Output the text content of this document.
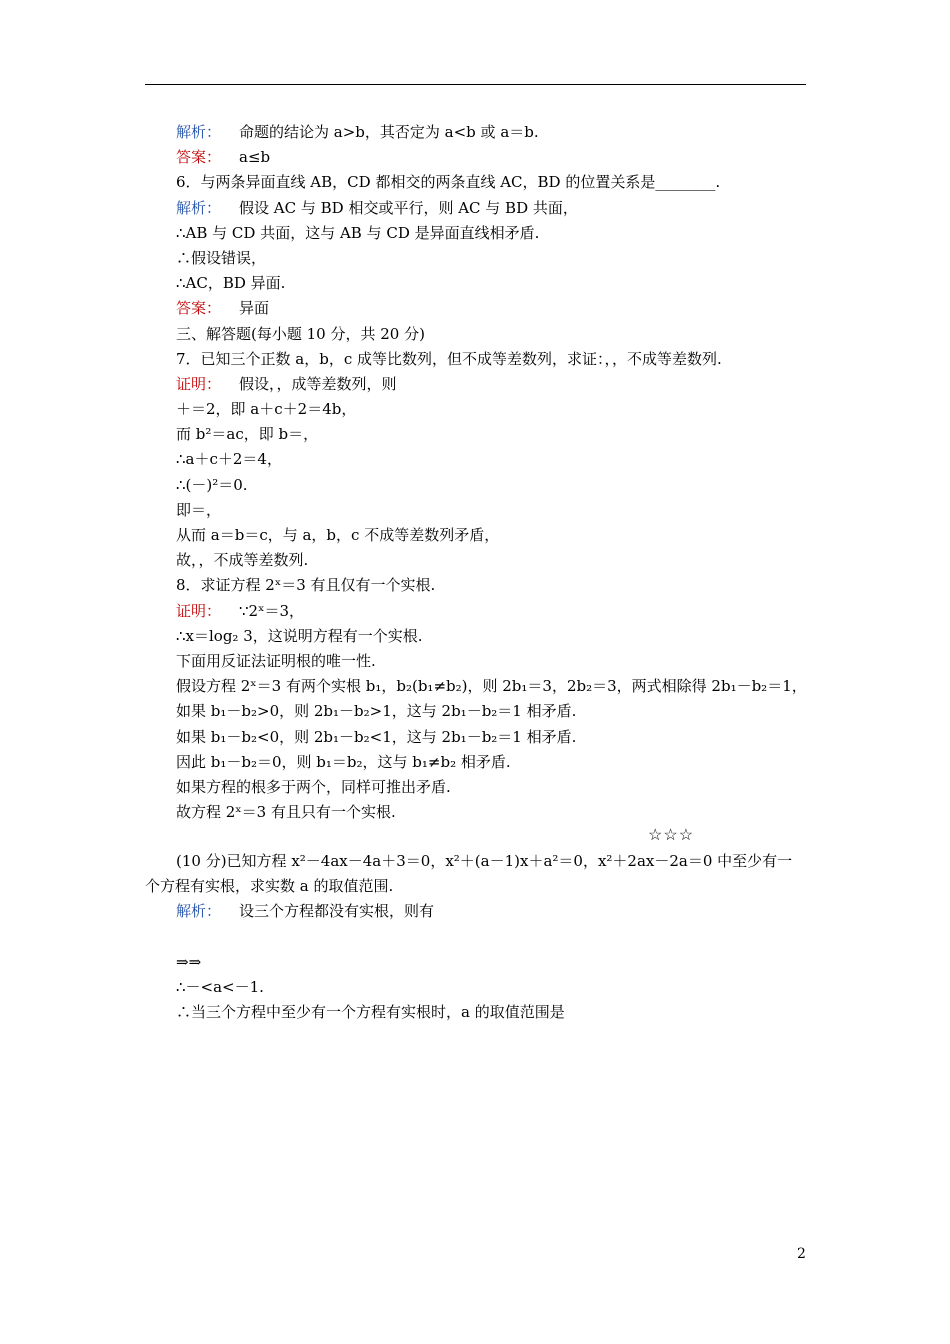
解析： 命题的结论为 a>b，其否定为 a<b 或 a＝b.
答案： a≤b
6．与两条异面直线 AB，CD 都相交的两条直线 AC，BD 的位置关系是________.
解析： 假设 AC 与 BD 相交或平行，则 AC 与 BD 共面，
∴AB 与 CD 共面，这与 AB 与 CD 是异面直线相矛盾.
∴假设错误，
∴AC，BD 异面.
答案： 异面
三、解答题(每小题 10 分，共 20 分)
7．已知三个正数 a，b，c 成等比数列，但不成等差数列，求证：，，不成等差数列.
证明： 假设，，成等差数列，则
＋＝2，即 a＋c＋2＝4b，
而 b²＝ac，即 b＝，
∴a＋c＋2＝4，
∴(－)²＝0.
即＝，
从而 a＝b＝c，与 a，b，c 不成等差数列矛盾，
故，，不成等差数列.
8．求证方程 2ˣ＝3 有且仅有一个实根.
证明： ∵2ˣ＝3，
∴x＝log₂ 3，这说明方程有一个实根.
下面用反证法证明根的唯一性.
假设方程 2ˣ＝3 有两个实根 b₁，b₂(b₁≠b₂)，则 2b₁＝3，2b₂＝3，两式相除得 2b₁－b₂＝1，
如果 b₁－b₂>0，则 2b₁－b₂>1，这与 2b₁－b₂＝1 相矛盾.
如果 b₁－b₂<0，则 2b₁－b₂<1，这与 2b₁－b₂＝1 相矛盾.
因此 b₁－b₂＝0，则 b₁＝b₂，这与 b₁≠b₂ 相矛盾.
如果方程的根多于两个，同样可推出矛盾.
故方程 2ˣ＝3 有且只有一个实根.
☆☆☆
(10 分)已知方程 x²－4ax－4a＋3＝0，x²＋(a－1)x＋a²＝0，x²＋2ax－2a＝0 中至少有一
个方程有实根，求实数 a 的取值范围.
解析： 设三个方程都没有实根，则有
⇒⇒
∴－<a<－1.
∴当三个方程中至少有一个方程有实根时，a 的取值范围是
2
